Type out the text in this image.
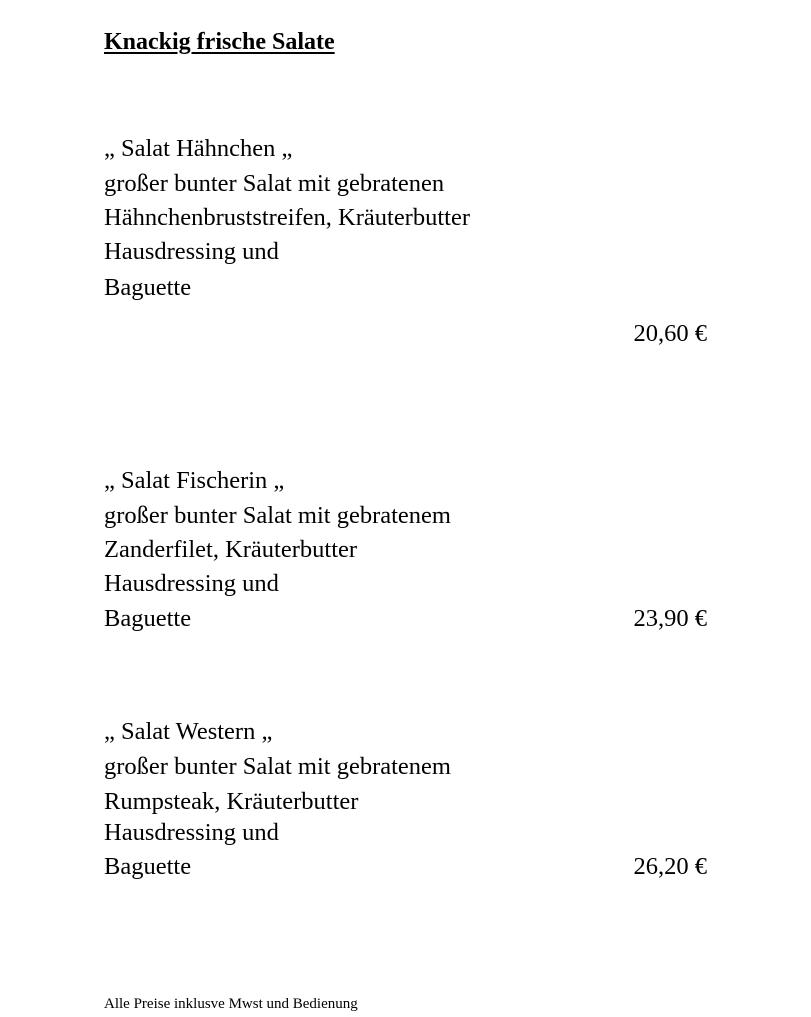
Knackig frische Salate
„ Salat Hähnchen „
großer bunter Salat mit gebratenen
Hähnchenbruststreifen, Kräuterbutter
Hausdressing und
Baguette
20,60 €
„ Salat Fischerin „
großer bunter Salat mit gebratenem
Zanderfilet, Kräuterbutter
Hausdressing und
Baguette	23,90 €
„ Salat Western „
großer bunter Salat mit gebratenem
Rumpsteak, Kräuterbutter
Hausdressing und
Baguette	26,20 €
Alle Preise inklusve Mwst und Bedienung
